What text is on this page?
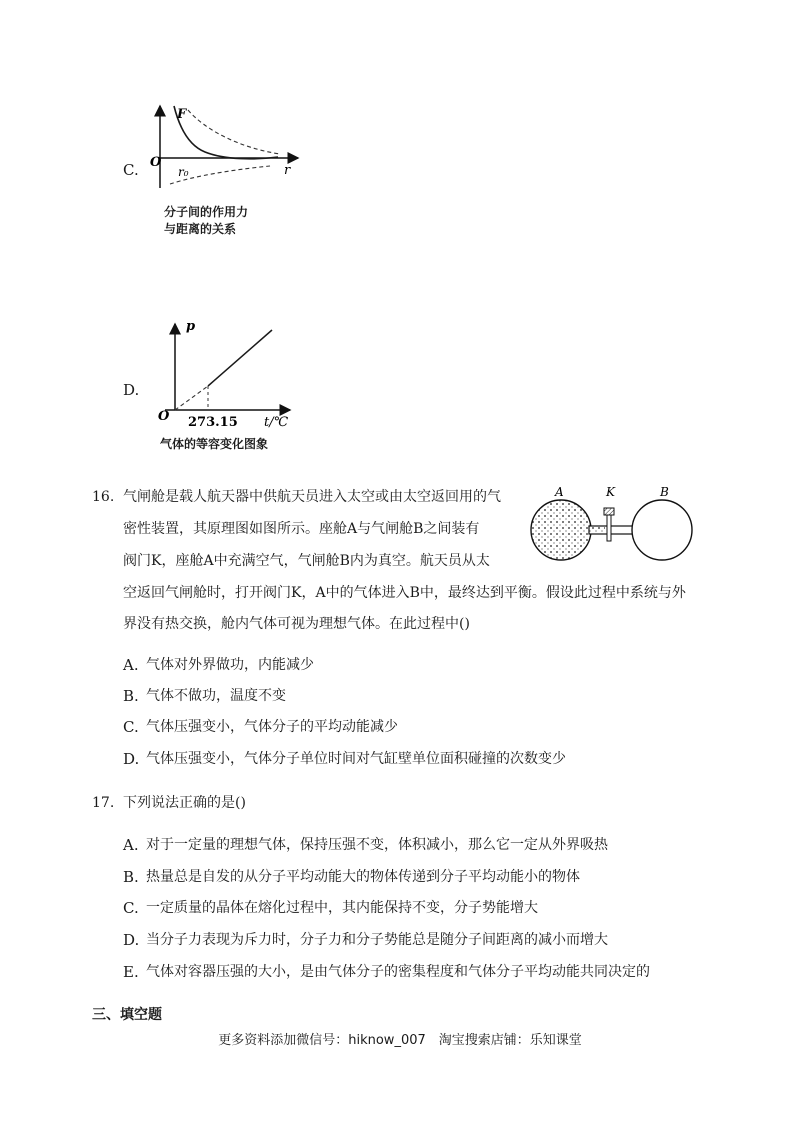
C.
F
O
r₀	r
分子间的作用力
与距离的关系
D.
p
O 273.15 t/℃
气体的等容变化图象
16. 气闸舱是载人航天器中供航天员进入太空或由太空返回用的气
密性装置，其原理图如图所示。座舱A与气闸舱B之间装有
阀门K，座舱A中充满空气，气闸舱B内为真空。航天员从太
空返回气闸舱时，打开阀门K，A中的气体进入B中，最终达到平衡。假设此过程中系统与外
界没有热交换，舱内气体可视为理想气体。在此过程中()
A	K	B
A. 气体对外界做功，内能减少
B. 气体不做功，温度不变
C. 气体压强变小，气体分子的平均动能减少
D. 气体压强变小，气体分子单位时间对气缸壁单位面积碰撞的次数变少
17. 下列说法正确的是()
A. 对于一定量的理想气体，保持压强不变，体积减小，那么它一定从外界吸热
B. 热量总是自发的从分子平均动能大的物体传递到分子平均动能小的物体
C. 一定质量的晶体在熔化过程中，其内能保持不变，分子势能增大
D. 当分子力表现为斥力时，分子力和分子势能总是随分子间距离的减小而增大
E. 气体对容器压强的大小，是由气体分子的密集程度和气体分子平均动能共同决定的
三、填空题
更多资料添加微信号：hiknow_007　淘宝搜索店铺：乐知课堂
